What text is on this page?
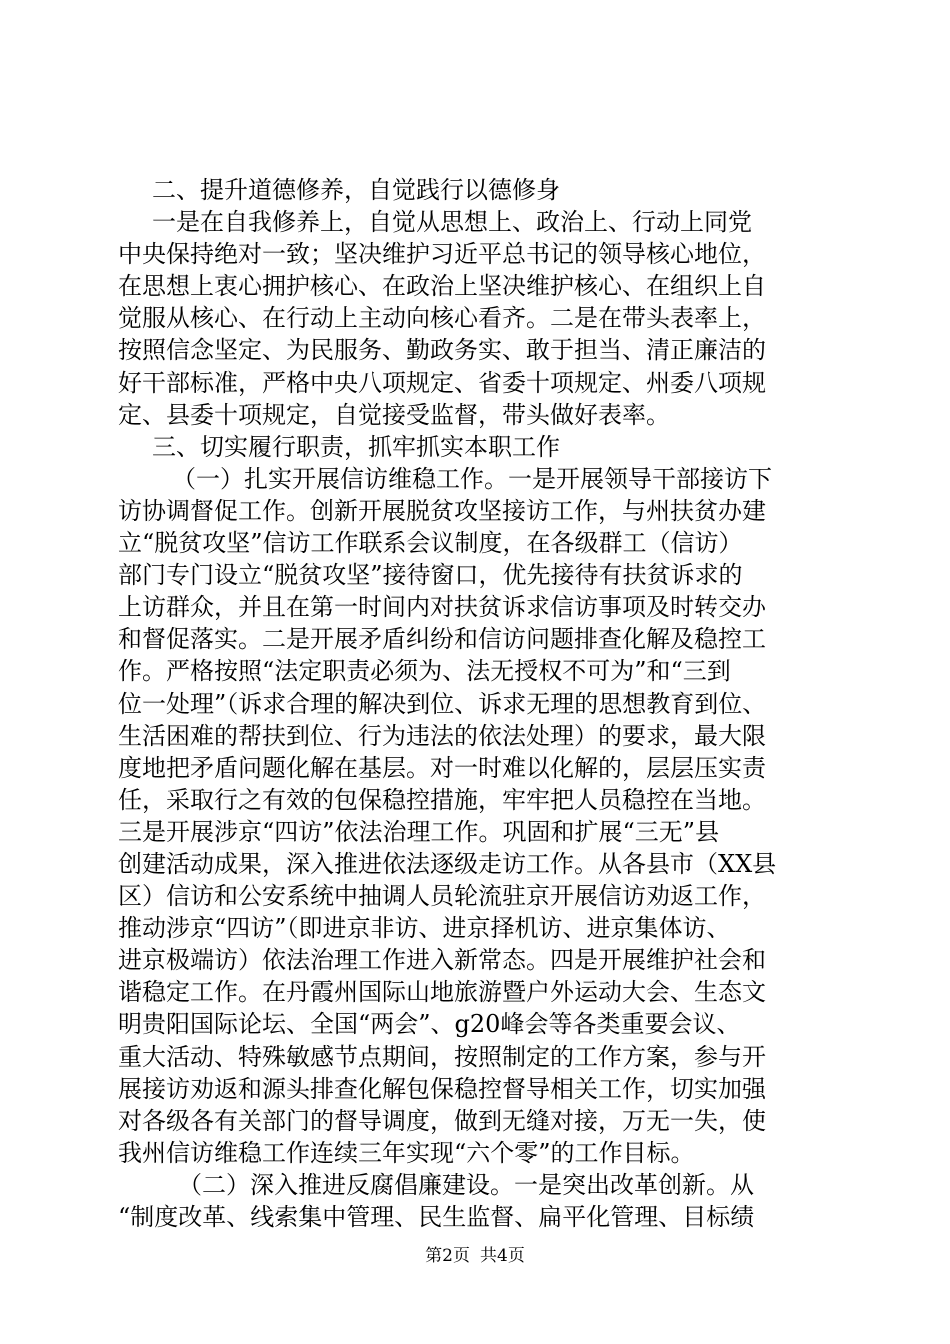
二、提升道德修养，自觉践行以德修身
一是在自我修养上，自觉从思想上、政治上、行动上同党
中央保持绝对一致；坚决维护习近平总书记的领导核心地位，
在思想上衷心拥护核心、在政治上坚决维护核心、在组织上自
觉服从核心、在行动上主动向核心看齐。二是在带头表率上，
按照信念坚定、为民服务、勤政务实、敢于担当、清正廉洁的
好干部标准，严格中央八项规定、省委十项规定、州委八项规
定、县委十项规定，自觉接受监督，带头做好表率。
三、切实履行职责，抓牢抓实本职工作
（一）扎实开展信访维稳工作。一是开展领导干部接访下
访协调督促工作。创新开展脱贫攻坚接访工作，与州扶贫办建
立“脱贫攻坚”信访工作联系会议制度，在各级群工（信访）
部门专门设立“脱贫攻坚”接待窗口，优先接待有扶贫诉求的
上访群众，并且在第一时间内对扶贫诉求信访事项及时转交办
和督促落实。二是开展矛盾纠纷和信访问题排查化解及稳控工
作。严格按照“法定职责必须为、法无授权不可为”和“三到
位一处理”（诉求合理的解决到位、诉求无理的思想教育到位、
生活困难的帮扶到位、行为违法的依法处理）的要求，最大限
度地把矛盾问题化解在基层。对一时难以化解的，层层压实责
任，采取行之有效的包保稳控措施，牢牢把人员稳控在当地。
三是开展涉京“四访”依法治理工作。巩固和扩展“三无”县
创建活动成果，深入推进依法逐级走访工作。从各县市（XX县
区）信访和公安系统中抽调人员轮流驻京开展信访劝返工作，
推动涉京“四访”（即进京非访、进京择机访、进京集体访、
进京极端访）依法治理工作进入新常态。四是开展维护社会和
谐稳定工作。在丹霞州国际山地旅游暨户外运动大会、生态文
明贵阳国际论坛、全国“两会”、g20峰会等各类重要会议、
重大活动、特殊敏感节点期间，按照制定的工作方案，参与开
展接访劝返和源头排查化解包保稳控督导相关工作，切实加强
对各级各有关部门的督导调度，做到无缝对接，万无一失，使
我州信访维稳工作连续三年实现“六个零”的工作目标。
（二）深入推进反腐倡廉建设。一是突出改革创新。从
“制度改革、线索集中管理、民生监督、扁平化管理、目标绩
第2页 共4页
